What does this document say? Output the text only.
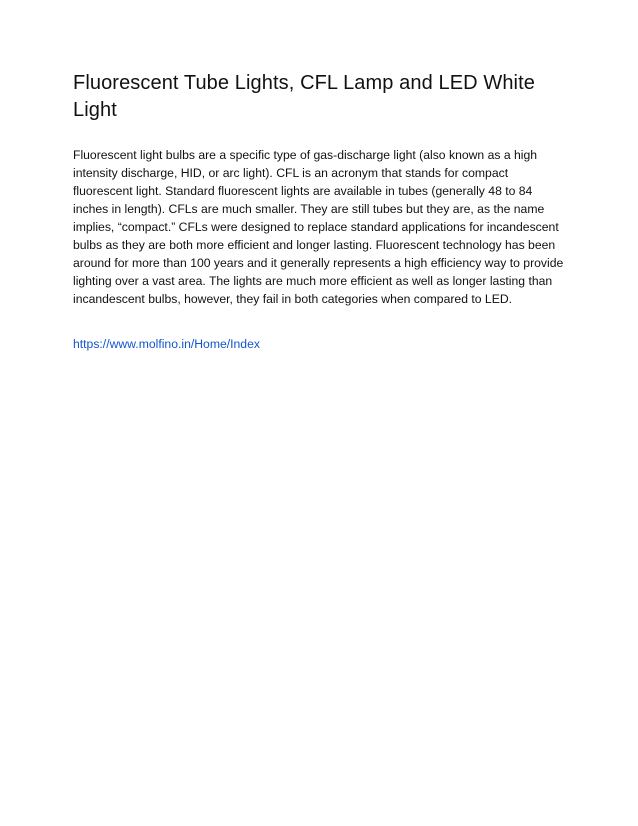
Fluorescent Tube Lights, CFL Lamp and LED White Light

Fluorescent light bulbs are a specific type of gas-discharge light (also known as a high intensity discharge, HID, or arc light). CFL is an acronym that stands for compact fluorescent light. Standard fluorescent lights are available in tubes (generally 48 to 84 inches in length). CFLs are much smaller. They are still tubes but they are, as the name implies, “compact.” CFLs were designed to replace standard applications for incandescent bulbs as they are both more efficient and longer lasting. Fluorescent technology has been around for more than 100 years and it generally represents a high efficiency way to provide lighting over a vast area. The lights are much more efficient as well as longer lasting than incandescent bulbs, however, they fail in both categories when compared to LED.

https://www.molfino.in/Home/Index
